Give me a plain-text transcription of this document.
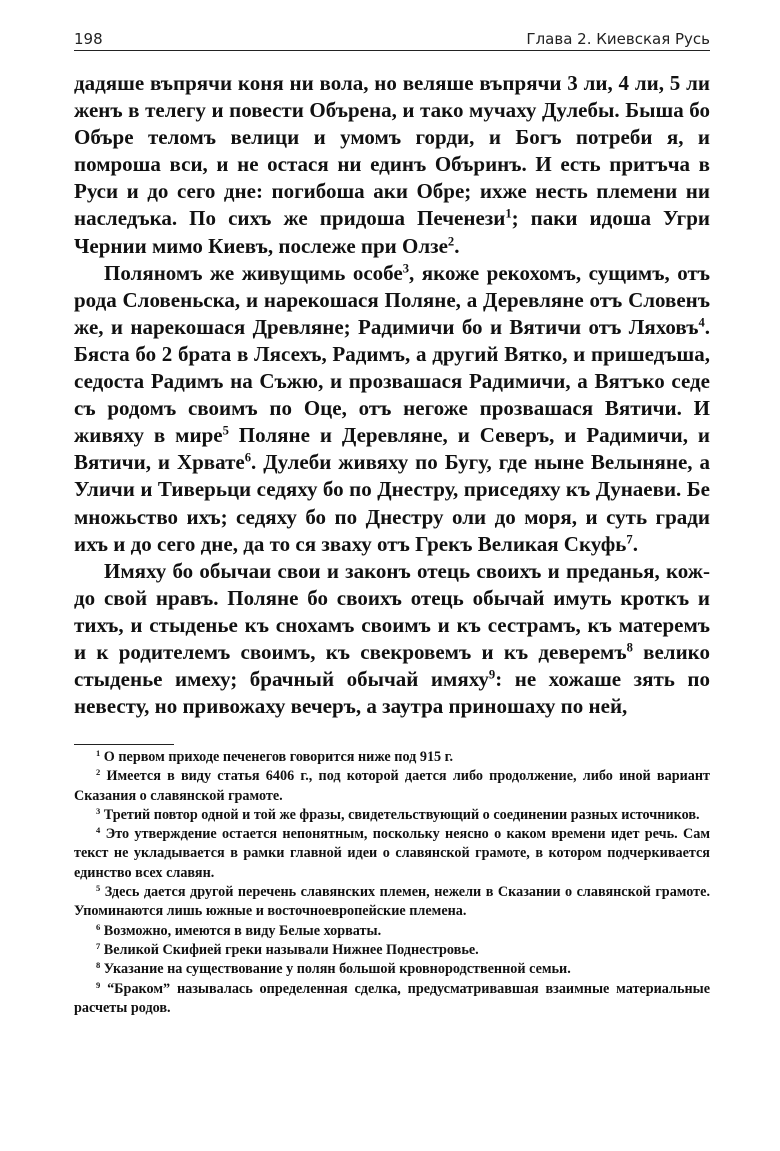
198	Глава 2. Киевская Русь

дадяше въпрячи коня ни вола, но веляше въпрячи 3 ли, 4 ли, 5 ли женъ в телегу и повести Обърена, и тако мучаху Дулебы. Быша бо Объре теломъ велици и умомъ горди, и Богъ потреби я, и помроша вси, и не остася ни единъ Объринъ. И есть притъча в Руси и до сего дне: погибоша аки Обре; ихже несть племени ни наследъка. По сихъ же придоша Печенези$^1$; паки идоша Угри Чернии мимо Киевъ, послеже при Олзе$^2$.

Поляномъ же живущимь особе$^3$, якоже рекохомъ, сущимъ, отъ рода Словеньска, и нарекошася Поляне, а Деревляне отъ Словенъ же, и нарекошася Древляне; Радимичи бо и Вятичи отъ Ляховъ$^4$. Бяста бо 2 брата в Лясехъ, Радимъ, а другий Вятко, и пришедъша, седоста Радимъ на Съжю, и прозвашася Радимичи, а Вятъко седе съ родомъ своимъ по Оце, отъ негоже прозвашася Вятичи. И живяху в мире$^5$ Поляне и Деревляне, и Северъ, и Радимичи, и Вятичи, и Хрвате$^6$. Дулеби живяху по Бугу, где ныне Велыняне, а Уличи и Тиверьци седяху бо по Днестру, приседяху къ Дунаеви. Бе множьство ихъ; седяху бо по Днестру оли до моря, и суть гради ихъ и до сего дне, да то ся зваху отъ Грекъ Великая Скуфь$^7$.

Имяху бо обычаи свои и законъ отець своихъ и преданья, кождо свой нравъ. Поляне бо своихъ отець обычай имуть кроткъ и тихъ, и стыденье къ снохамъ своимъ и къ сестрамъ, къ матеремъ и к родителемъ своимъ, къ свекровемъ и къ деверемъ$^8$ велико стыденье имеху; брачный обычай имяху$^9$: не хожаше зять по невесту, но привожаху вечеръ, а заутра приношаху по ней,

$^1$ О первом приходе печенегов говорится ниже под 915 г.

$^2$ Имеется в виду статья 6406 г., под которой дается либо продолжение, либо иной вариант Сказания о славянской грамоте.

$^3$ Третий повтор одной и той же фразы, свидетельствующий о соединении разных источников.

$^4$ Это утверждение остается непонятным, поскольку неясно о каком времени идет речь. Сам текст не укладывается в рамки главной идеи о славянской грамоте, в котором подчеркивается единство всех славян.

$^5$ Здесь дается другой перечень славянских племен, нежели в Сказании о славянской грамоте. Упоминаются лишь южные и восточноевропейские племена.

$^6$ Возможно, имеются в виду Белые хорваты.

$^7$ Великой Скифией греки называли Нижнее Поднестровье.

$^8$ Указание на существование у полян большой кровнородственной семьи.

$^9$ “Браком” называлась определенная сделка, предусматривавшая взаимные материальные расчеты родов.
